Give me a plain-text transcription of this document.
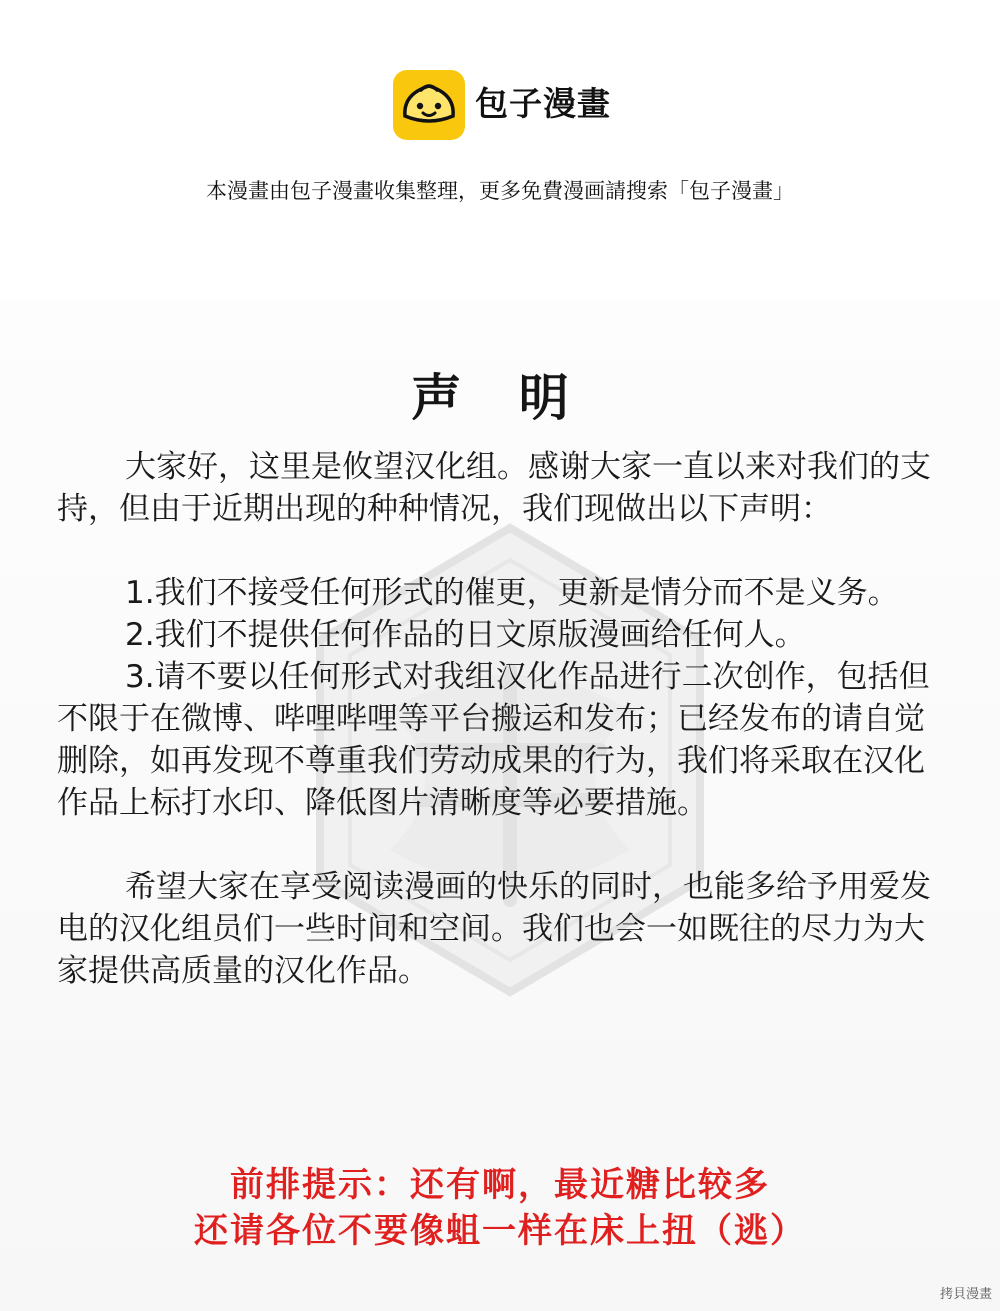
包子漫畫
本漫畫由包子漫畫收集整理，更多免費漫画請搜索「包子漫畫」
声 明

大家好，这里是攸望汉化组。感谢大家一直以来对我们的支持，但由于近期出现的种种情况，我们现做出以下声明：

1.我们不接受任何形式的催更，更新是情分而不是义务。

2.我们不提供任何作品的日文原版漫画给任何人。

3.请不要以任何形式对我组汉化作品进行二次创作，包括但不限于在微博、哔哩哔哩等平台搬运和发布；已经发布的请自觉删除，如再发现不尊重我们劳动成果的行为，我们将采取在汉化作品上标打水印、降低图片清晰度等必要措施。

希望大家在享受阅读漫画的快乐的同时，也能多给予用爱发电的汉化组员们一些时间和空间。我们也会一如既往的尽力为大家提供高质量的汉化作品。

前排提示：还有啊，最近糖比较多
还请各位不要像蛆一样在床上扭（逃）
拷貝漫畫
